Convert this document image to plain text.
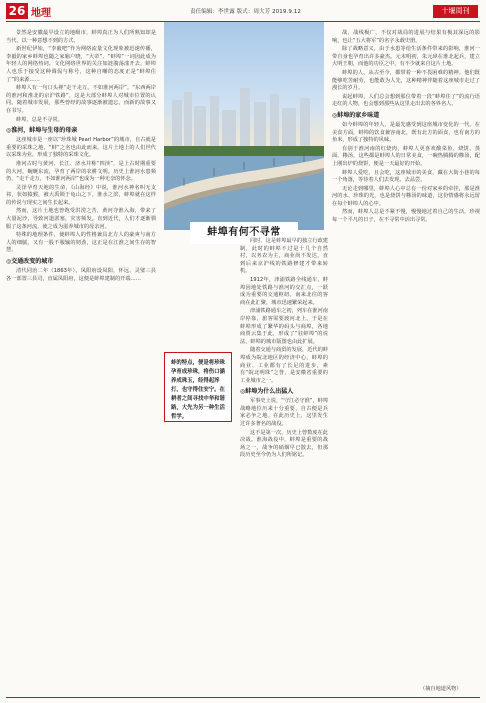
26 地理	责任编辑：李世露 版式：周大芳 2019.9.12	十堰周刊

景然是安徽最早设立的地级市，蚌埠真正为人们所熟知却是当代，以一种意想不到的方式。

新世纪伊始，“李毅吧”作为网络流量文化现象被迅速传播，李毅的家乡蚌埠也随之家喻户晓，“大帝”、“蚌埠”一词因此成为年轻人的网络热词。文化网络世界的关注如涟漪荡漾开去，蚌埠人也乐于接受这种调侃与称号，这种自嘲的态度正是“蚌埠住了”的来源……

蚌埠人有一句口头禅“走干走万，不如淮河两岸”。“东西两岸的淮河和淮北的京沪铁路”，这是大部分蚌埠人对城市位置的认同。随着城市发展，那些曾经的故事逐渐被遗忘，而新的故事又在书写。

蚌埠，总是不寻常。

◎淮河，蚌埠与生母的母亲

这座城市是一座以“珍珠城 Pearl Harbor”的城市，自古就是重要的采珠之地，“蚌”之名也由此而来。这片土地上的人们世代以采珠为业，形成了独特的采珠文化。

淮河古时与黄河、长江、济水并称“四渎”，是上古时期重要的大河，蜿蜒东流，孕育了两岸的农耕文明。历史上淮河水患频仍，“走千走万，不如淮河两岸”也成为一种无奈的怀念。

灵泽孕育天地的生命，《山海经》中说，淮河水神名叫无支祁，状如猿猴，被大禹锁于龟山之下。淮水之滨，蚌埠就在这样的传说与现实之间生长起来。

然而，这片土地也曾饱受洪涝之苦，黄河夺淮入海，带来了大量泥沙，导致河道淤塞，灾害频发。直到近代，人们才逐渐驯服了这条河流，使之成为滋养城市的母亲河。

特殊的地理条件，使蚌埠人的性格兼具北方人的豪爽与南方人的细腻，又有一股不服输的韧劲，这正是在江淮之间生存的智慧。

◎交通改变的城市

清代同治二年（1863年），凤阳府设凤阳，怀远、灵璧三县各一部置三县司，直属凤阳府，这便是蚌埠建制的开端……

蚌埠有何不寻常

同时，这是蚌埠最早的独立行政建制，此时的蚌埠不过是十几个自然村，以务农为主，商业尚不发达，直到后来京沪线的铁路修建才带来转机。

1912年，津浦铁路全线通车，蚌埠因地处铁路与淮河的交汇点，一跃成为重要的交通枢纽。南来北往的客商在此汇聚，城市迅速繁荣起来。

津浦铁路通车之初，列车在淮河南岸停靠，旅客需要渡河北上，于是在蚌埠形成了繁华的码头与商埠，各地商贾云集于此，形成了“驻蚌埠”的说法，蚌埠的城市版图也由此扩展。

随着交通与商贸的发展，近代的蚌埠成为皖北地区的经济中心，蚌埠的商业、工业都有了长足的进步，素有“皖北明珠”之誉，是安徽省重要的工业城市之一。

◎蚌埠为什么出猛人

军事史上说，“守江必守淮”，蚌埠战略地位历来十分重要，自古便是兵家必争之地。在此历史上，这里发生过许多著名的战役。

这不是第一次，历史上曾数度在此决战。淮海战役中，蚌埠是重要的战场之一，战争的硝烟早已散去，但那段历史至今仍为人们所铭记。

蚌的特点，便是将珍珠孕育成珍珠，将伤口涵养成珠玉，经得起淬打，也守得住安宁。在耕者之间寻找中华和谐路，大先为另一种生活哲学。

战，战线极广，不仅对战局的进展与结果有极其深远的影响，也让“五大将军”的名字永载史册。

除了战略意义，由于水患等给生活条件带来的影响，淮河一带自身也孕育出许多豪杰。元末明初，朱元璋在淮北起兵，建立大明王朝，而他的功臣之中，有不少就来自这片土地。

蚌埠的人，从古至今，都带着一种不畏困难的精神。他们既能够吃苦耐劳，也能敢为人先，这种精神伴随着这座城市走过了漫长的岁月。

说起蚌埠，人们总会想到那位带着一段“蚌埠住了”的流行语走红的人物，也会想到那些从这里走出去的各界名人。

◎蚌埠的家乡味道

如今蚌埠的年轻人，是最先感受到这座城市变化的一代。在美食方面，蚌埠的饮食兼容南北，既有北方的面食，也有南方的鱼米，形成了独特的风味。

有别于淮河南的红烧肉，蚌埠人更喜欢酸菜鱼、烧饼、蒸面、糁汤，这些都是蚌埠人的日常美食，一碗热腾腾的糁汤，配上刚出炉的烧饼，便是一天最好的开始。

蚌埠人爱吃，且会吃，这座城市的美食，藏在大街小巷的每一个角落，等待着人们去发现、去品尝。

无论走到哪里，蚌埠人心中总有一份对家乡的牵挂，那是淮河的水、珍珠的光，也是烧饼与糁汤的味道，这份情感将永远留在每个蚌埠人的心中。

然而，蚌埠人总是不紧不慢，慢慢地过着自己的生活，珍视每一个平凡的日子，在不寻常中活出寻常。

（摘自地道风物）
